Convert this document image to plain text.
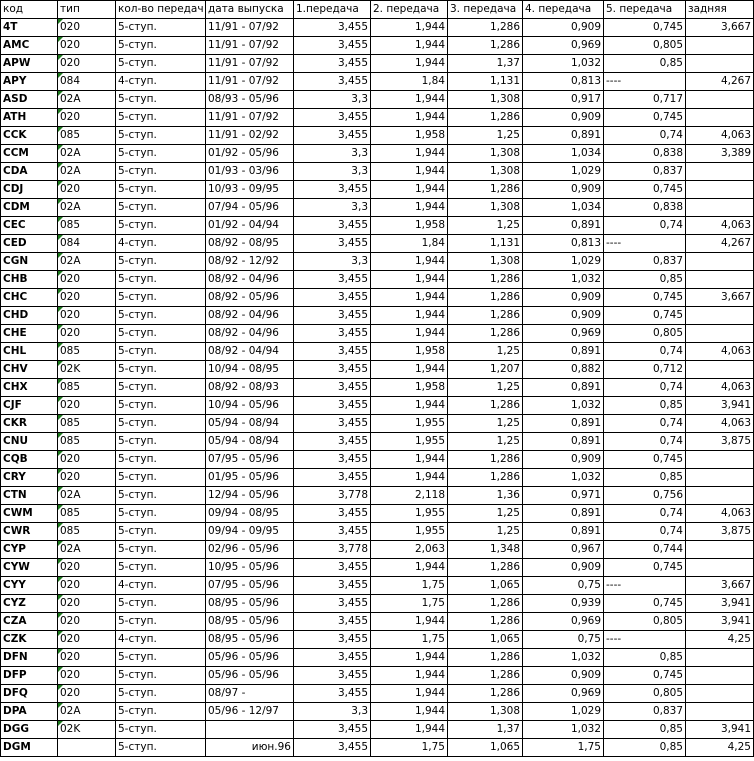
код	тип	кол-во передач	дата выпуска	1.передача	2. передача	3. передача	4. передача	5. передача	задняя
4T	020	5-ступ.	11/91 - 07/92	3,455	1,944	1,286	0,909	0,745	3,667
AMC	020	5-ступ.	11/91 - 07/92	3,455	1,944	1,286	0,969	0,805	
APW	020	5-ступ.	11/91 - 07/92	3,455	1,944	1,37	1,032	0,85	
APY	084	4-ступ.	11/91 - 07/92	3,455	1,84	1,131	0,813	----	4,267
ASD	02A	5-ступ.	08/93 - 05/96	3,3	1,944	1,308	0,917	0,717	
ATH	020	5-ступ.	11/91 - 07/92	3,455	1,944	1,286	0,909	0,745	
CCK	085	5-ступ.	11/91 - 02/92	3,455	1,958	1,25	0,891	0,74	4,063
CCM	02A	5-ступ.	01/92 - 05/96	3,3	1,944	1,308	1,034	0,838	3,389
CDA	02A	5-ступ.	01/93 - 03/96	3,3	1,944	1,308	1,029	0,837	
CDJ	020	5-ступ.	10/93 - 09/95	3,455	1,944	1,286	0,909	0,745	
CDM	02A	5-ступ.	07/94 - 05/96	3,3	1,944	1,308	1,034	0,838	
CEC	085	5-ступ.	01/92 - 04/94	3,455	1,958	1,25	0,891	0,74	4,063
CED	084	4-ступ.	08/92 - 08/95	3,455	1,84	1,131	0,813	----	4,267
CGN	02A	5-ступ.	08/92 - 12/92	3,3	1,944	1,308	1,029	0,837	
CHB	020	5-ступ.	08/92 - 04/96	3,455	1,944	1,286	1,032	0,85	
CHC	020	5-ступ.	08/92 - 05/96	3,455	1,944	1,286	0,909	0,745	3,667
CHD	020	5-ступ.	08/92 - 04/96	3,455	1,944	1,286	0,909	0,745	
CHE	020	5-ступ.	08/92 - 04/96	3,455	1,944	1,286	0,969	0,805	
CHL	085	5-ступ.	08/92 - 04/94	3,455	1,958	1,25	0,891	0,74	4,063
CHV	02K	5-ступ.	10/94 - 08/95	3,455	1,944	1,207	0,882	0,712	
CHX	085	5-ступ.	08/92 - 08/93	3,455	1,958	1,25	0,891	0,74	4,063
CJF	020	5-ступ.	10/94 - 05/96	3,455	1,944	1,286	1,032	0,85	3,941
CKR	085	5-ступ.	05/94 - 08/94	3,455	1,955	1,25	0,891	0,74	4,063
CNU	085	5-ступ.	05/94 - 08/94	3,455	1,955	1,25	0,891	0,74	3,875
CQB	020	5-ступ.	07/95 - 05/96	3,455	1,944	1,286	0,909	0,745	
CRY	020	5-ступ.	01/95 - 05/96	3,455	1,944	1,286	1,032	0,85	
CTN	02A	5-ступ.	12/94 - 05/96	3,778	2,118	1,36	0,971	0,756	
CWM	085	5-ступ.	09/94 - 08/95	3,455	1,955	1,25	0,891	0,74	4,063
CWR	085	5-ступ.	09/94 - 09/95	3,455	1,955	1,25	0,891	0,74	3,875
CYP	02A	5-ступ.	02/96 - 05/96	3,778	2,063	1,348	0,967	0,744	
CYW	020	5-ступ.	10/95 - 05/96	3,455	1,944	1,286	0,909	0,745	
CYY	020	4-ступ.	07/95 - 05/96	3,455	1,75	1,065	0,75	----	3,667
CYZ	020	5-ступ.	08/95 - 05/96	3,455	1,75	1,286	0,939	0,745	3,941
CZA	020	5-ступ.	08/95 - 05/96	3,455	1,944	1,286	0,969	0,805	3,941
CZK	020	4-ступ.	08/95 - 05/96	3,455	1,75	1,065	0,75	----	4,25
DFN	020	5-ступ.	05/96 - 05/96	3,455	1,944	1,286	1,032	0,85	
DFP	020	5-ступ.	05/96 - 05/96	3,455	1,944	1,286	0,909	0,745	
DFQ	020	5-ступ.	08/97 -	3,455	1,944	1,286	0,969	0,805	
DPA	02A	5-ступ.	05/96 - 12/97	3,3	1,944	1,308	1,029	0,837	
DGG	02K	5-ступ.		3,455	1,944	1,37	1,032	0,85	3,941
DGM		5-ступ.	июн.96	3,455	1,75	1,065	1,75	0,85	4,25
